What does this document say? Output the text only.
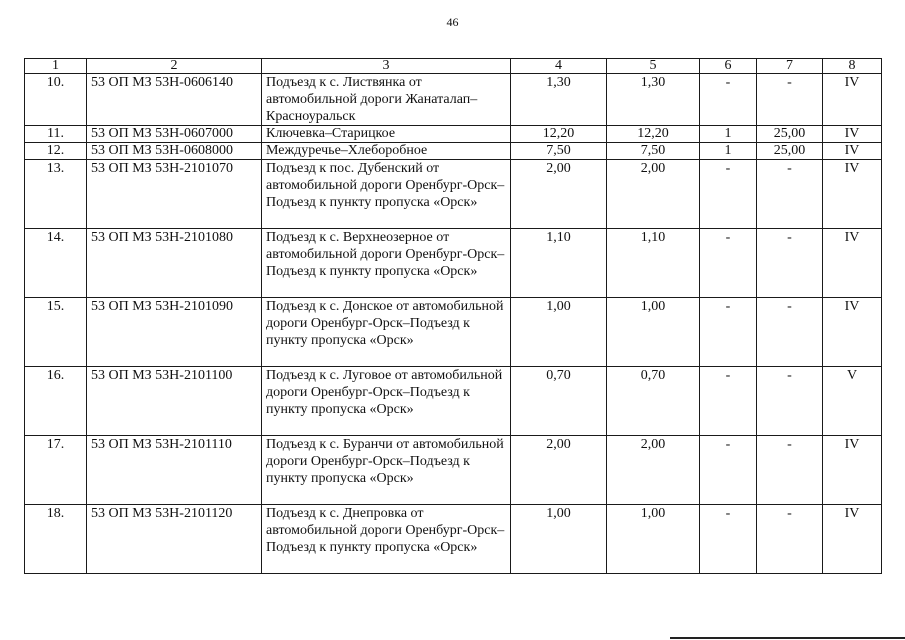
46
1	2	3	4	5	6	7	8
10.	53 ОП МЗ 53Н-0606140	Подъезд к с. Листвянка от автомобильной дороги Жанаталап–Красноуральск	1,30	1,30	-	-	IV
11.	53 ОП МЗ 53Н-0607000	Ключевка–Старицкое	12,20	12,20	1	25,00	IV
12.	53 ОП МЗ 53Н-0608000	Междуречье–Хлеборобное	7,50	7,50	1	25,00	IV
13.	53 ОП МЗ 53Н-2101070	Подъезд к пос. Дубенский от автомобильной дороги Оренбург-Орск–Подъезд к пункту пропуска «Орск»	2,00	2,00	-	-	IV
14.	53 ОП МЗ 53Н-2101080	Подъезд к с. Верхнеозерное от автомобильной дороги Оренбург-Орск–Подъезд к пункту пропуска «Орск»	1,10	1,10	-	-	IV
15.	53 ОП МЗ 53Н-2101090	Подъезд к с. Донское от автомобильной дороги Оренбург-Орск–Подъезд к пункту пропуска «Орск»	1,00	1,00	-	-	IV
16.	53 ОП МЗ 53Н-2101100	Подъезд к с. Луговое от автомобильной дороги Оренбург-Орск–Подъезд к пункту пропуска «Орск»	0,70	0,70	-	-	V
17.	53 ОП МЗ 53Н-2101110	Подъезд к с. Буранчи от автомобильной дороги Оренбург-Орск–Подъезд к пункту пропуска «Орск»	2,00	2,00	-	-	IV
18.	53 ОП МЗ 53Н-2101120	Подъезд к с. Днепровка от автомобильной дороги Оренбург-Орск–Подъезд к пункту пропуска «Орск»	1,00	1,00	-	-	IV
